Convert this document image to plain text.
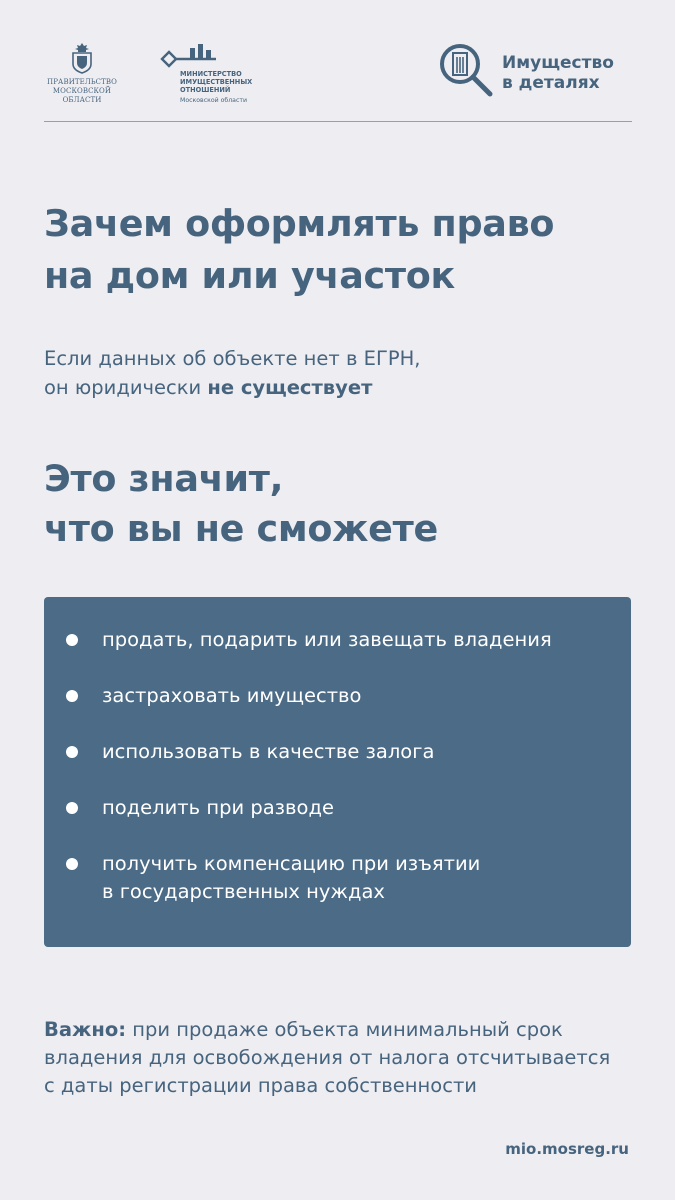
ПРАВИТЕЛЬСТВО
МОСКОВСКОЙ
ОБЛАСТИ
МИНИСТЕРСТВО
ИМУЩЕСТВЕННЫХ
ОТНОШЕНИЙ
Московской области
Имущество
в деталях
Зачем оформлять право
на дом или участок
Если данных об объекте нет в ЕГРН,
он юридически не существует
Это значит,
что вы не сможете
продать, подарить или завещать владения
застраховать имущество
использовать в качестве залога
поделить при разводе
получить компенсацию при изъятии
в государственных нуждах
Важно: при продаже объекта минимальный срок владения для освобождения от налога отсчитывается с даты регистрации права собственности
mio.mosreg.ru
